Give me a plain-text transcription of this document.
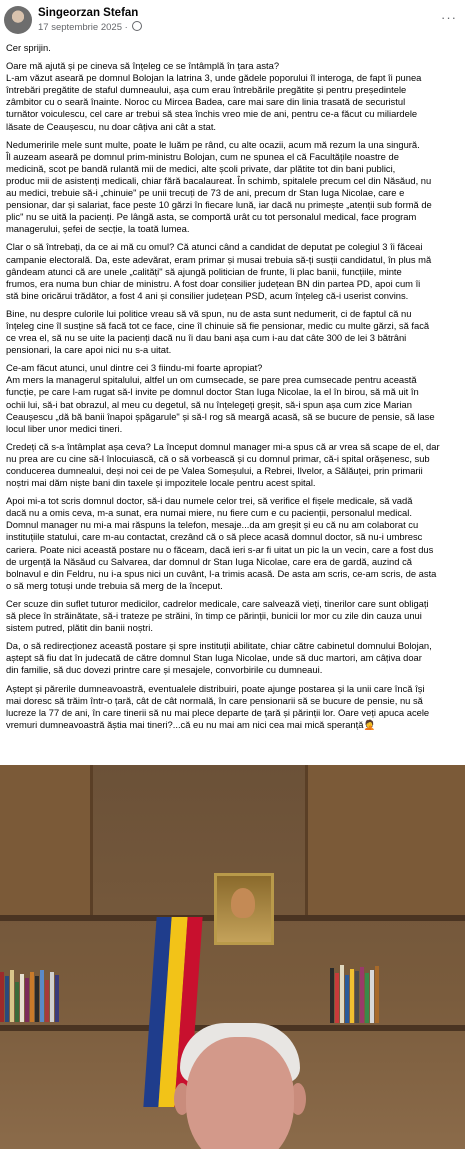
Singeorzan Stefan
17 septembrie 2025 ·
···

Cer sprijin.

Oare mă ajută și pe cineva să înțeleg ce se întâmplă în țara asta?
L-am văzut aseară pe domnul Bolojan la latrina 3, unde gădele poporului îl interoga, de fapt îi punea
întrebări pregătite de staful dumneaului, așa cum erau întrebările pregătite și pentru președintele
zâmbitor cu o seară înainte. Noroc cu Mircea Badea, care mai sare din linia trasată de securistul
turnător voiculescu, cel care ar trebui să stea închis vreo mie de ani, pentru ce-a făcut cu miliardele
lăsate de Ceaușescu, nu doar câțiva ani cât a stat.

Nedumeririle mele sunt multe, poate le luăm pe rând, cu alte ocazii, acum mă rezum la una singură.
Îl auzeam aseară pe domnul prim-ministru Bolojan, cum ne spunea el că Facultățile noastre de
medicină, scot pe bandă rulantă mii de medici, alte școli private, dar plătite tot din bani publici,
produc mii de asistenți medicali, chiar fără bacalaureat. În schimb, spitalele precum cel din Năsăud, nu
au medici, trebuie să-i „chinuie" pe unii trecuți de 73 de ani, precum dr Stan Iuga Nicolae, care e
pensionar, dar și salariat, face peste 10 gărzi în fiecare lună, iar dacă nu primește „atenții sub formă de
plic" nu se uită la pacienți. Pe lângă asta, se comportă urât cu tot personalul medical, face program
managerului, șefei de secție, la toată lumea.

Clar o să întrebați, da ce ai mă cu omul? Că atunci când a candidat de deputat pe colegiul 3 îi făceai
campanie electorală. Da, este adevărat, eram primar și musai trebuia să-ți susții candidatul, în plus mă
gândeam atunci că are unele „calități" să ajungă politician de frunte, îi plac banii, funcțiile, minte
frumos, era numa bun chiar de ministru. A fost doar consilier județean BN din partea PD, apoi cum îi
stă bine oricărui trădător, a fost 4 ani și consilier județean PSD, acum înțeleg că-i userist convins.

Bine, nu despre culorile lui politice vreau să vă spun, nu de asta sunt nedumerit, ci de faptul că nu
înțeleg cine îl susține să facă tot ce face, cine îl chinuie să fie pensionar, medic cu multe gărzi, să facă
ce vrea el, să nu se uite la pacienți dacă nu îi dau bani așa cum i-au dat câte 300 de lei 3 bătrâni
pensionari, la care apoi nici nu s-a uitat.

Ce-am făcut atunci, unul dintre cei 3 fiindu-mi foarte apropiat?
Am mers la managerul spitalului, altfel un om cumsecade, se pare prea cumsecade pentru această
funcție, pe care l-am rugat să-l invite pe domnul doctor Stan Iuga Nicolae, la el în birou, să mă uit în
ochii lui, să-i bat obrazul, al meu cu degetul, să nu înțelegeți greșit, să-i spun așa cum zice Marian
Ceaușescu „dă bă banii înapoi șpăgarule" și să-l rog să meargă acasă, să se bucure de pensie, să lase
locul liber unor medici tineri.

Credeți că s-a întâmplat așa ceva? La început domnul manager mi-a spus că ar vrea să scape de el, dar
nu prea are cu cine să-l înlocuiască, că o să vorbească și cu domnul primar, că-i spital orășenesc, sub
conducerea dumnealui, deși noi cei de pe Valea Someșului, a Rebrei, Ilvelor, a Sălăuței, prin primarii
noștri mai dăm niște bani din taxele și impozitele locale pentru acest spital.

Apoi mi-a tot scris domnul doctor, să-i dau numele celor trei, să verifice el fișele medicale, să vadă
dacă nu a omis ceva, m-a sunat, era numai miere, nu fiere cum e cu pacienții, personalul medical.
Domnul manager nu mi-a mai răspuns la telefon, mesaje...da am greșit și eu că nu am colaborat cu
instituțiile statului, care m-au contactat, crezând că o să plece acasă domnul doctor, să nu-i umbresc
cariera. Poate nici această postare nu o făceam, dacă ieri s-ar fi uitat un pic la un vecin, care a fost dus
de urgență la Năsăud cu Salvarea, dar domnul dr Stan Iuga Nicolae, care era de gardă, auzind că
bolnavul e din Feldru, nu i-a spus nici un cuvânt, l-a trimis acasă. De asta am scris, ce-am scris, de asta
o să merg totuși unde trebuia să merg de la început.

Cer scuze din suflet tuturor medicilor, cadrelor medicale, care salvează vieți, tinerilor care sunt obligați
să plece în străinătate, să-i trateze pe străini, în timp ce părinții, bunicii lor mor cu zile din cauza unui
sistem putred, plătit din banii noștri.

Da, o să redirecționez această postare și spre instituții abilitate, chiar către cabinetul domnului Bolojan,
aștept să fiu dat în judecată de către domnul Stan Iuga Nicolae, unde să duc martori, am câțiva doar
din familie, să duc dovezi printre care și mesajele, convorbirile cu dumneaui.

Aștept și părerile dumneavoastră, eventualele distribuiri, poate ajunge postarea și la unii care încă își
mai doresc să trăim într-o țară, cât de cât normală, în care pensionarii să se bucure de pensie, nu să
lucreze la 77 de ani, în care tinerii să nu mai plece departe de țară și părinții lor. Oare veți apuca acele
vremuri dumneavoastră ăștia mai tineri?...că eu nu mai am nici cea mai mică speranță🤦
